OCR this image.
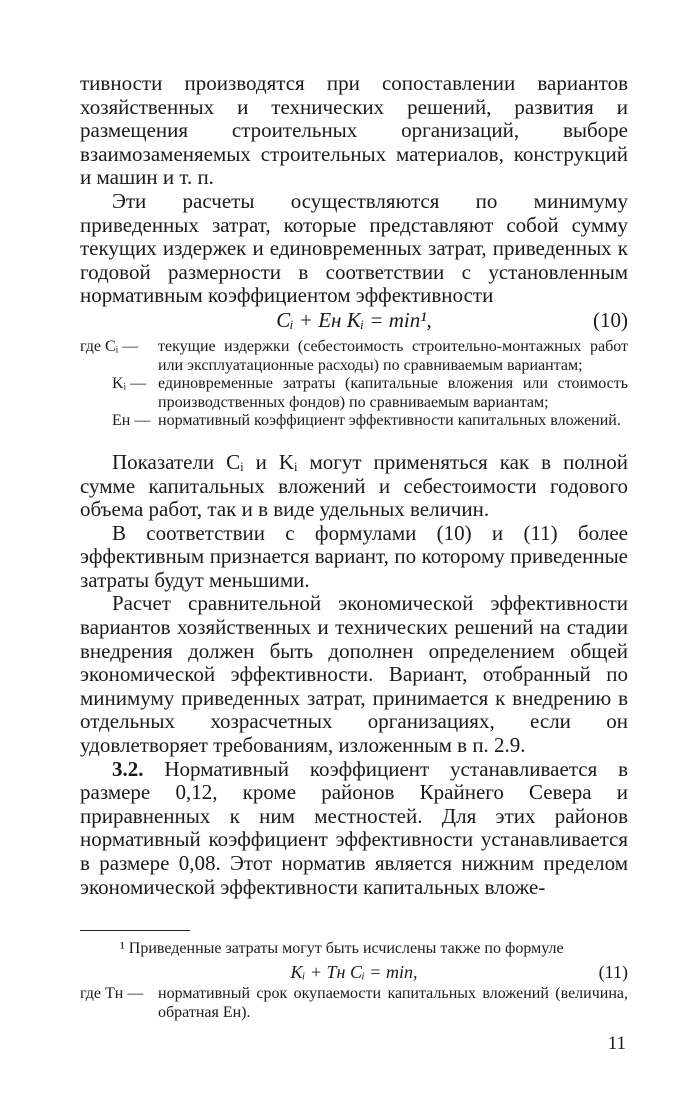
тивности производятся при сопоставлении вариантов хозяйственных и технических решений, развития и размещения строительных организаций, выборе взаимозаменяемых строительных материалов, конструкций и машин и т. п.

Эти расчеты осуществляются по минимуму приведенных затрат, которые представляют собой сумму текущих издержек и единовременных затрат, приведенных к годовой размерности в соответствии с установленным нормативным коэффициентом эффективности

Cᵢ + Eн Kᵢ = min¹,	(10)
где Cᵢ —	текущие издержки (себестоимость строительно-монтажных работ или эксплуатационные расходы) по сравниваемым вариантам;
Kᵢ — единовременные затраты (капитальные вложения или стоимость производственных фондов) по сравниваемым вариантам;
Eн — нормативный коэффициент эффективности капитальных вложений.

Показатели Cᵢ и Kᵢ могут применяться как в полной сумме капитальных вложений и себестоимости годового объема работ, так и в виде удельных величин.

В соответствии с формулами (10) и (11) более эффективным признается вариант, по которому приведенные затраты будут меньшими.

Расчет сравнительной экономической эффективности вариантов хозяйственных и технических решений на стадии внедрения должен быть дополнен определением общей экономической эффективности. Вариант, отобранный по минимуму приведенных затрат, принимается к внедрению в отдельных хозрасчетных организациях, если он удовлетворяет требованиям, изложенным в п. 2.9.

3.2. Нормативный коэффициент устанавливается в размере 0,12, кроме районов Крайнего Севера и приравненных к ним местностей. Для этих районов нормативный коэффициент эффективности устанавливается в размере 0,08. Этот норматив является нижним пределом экономической эффективности капитальных вложе-

¹ Приведенные затраты могут быть исчислены также по формуле

Kᵢ + Tн Cᵢ = min,	(11)
где Tн — нормативный срок окупаемости капитальных вложений (величина, обратная Eн).
11
